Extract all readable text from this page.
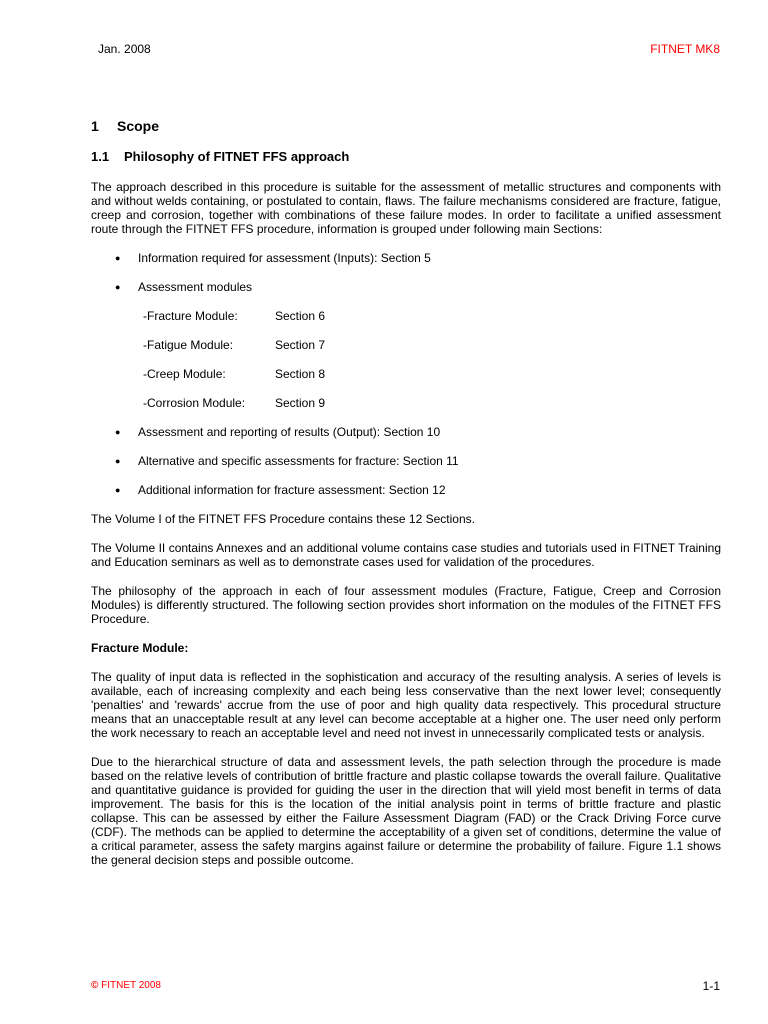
Jan. 2008	FITNET MK8
1 Scope
1.1 Philosophy of FITNET FFS approach

The approach described in this procedure is suitable for the assessment of metallic structures and components with and without welds containing, or postulated to contain, flaws. The failure mechanisms considered are fracture, fatigue, creep and corrosion, together with combinations of these failure modes. In order to facilitate a unified assessment route through the FITNET FFS procedure, information is grouped under following main Sections:

● Information required for assessment (Inputs): Section 5
● Assessment modules
-Fracture Module:	Section 6
-Fatigue Module:	Section 7
-Creep Module:	Section 8
-Corrosion Module: Section 9
● Assessment and reporting of results (Output): Section 10
● Alternative and specific assessments for fracture: Section 11
● Additional information for fracture assessment: Section 12

The Volume I of the FITNET FFS Procedure contains these 12 Sections.

The Volume II contains Annexes and an additional volume contains case studies and tutorials used in FITNET Training and Education seminars as well as to demonstrate cases used for validation of the procedures.

The philosophy of the approach in each of four assessment modules (Fracture, Fatigue, Creep and Corrosion Modules) is differently structured. The following section provides short information on the modules of the FITNET FFS Procedure.

Fracture Module:

The quality of input data is reflected in the sophistication and accuracy of the resulting analysis. A series of levels is available, each of increasing complexity and each being less conservative than the next lower level; consequently 'penalties' and 'rewards' accrue from the use of poor and high quality data respectively. This procedural structure means that an unacceptable result at any level can become acceptable at a higher one. The user need only perform the work necessary to reach an acceptable level and need not invest in unnecessarily complicated tests or analysis.

Due to the hierarchical structure of data and assessment levels, the path selection through the procedure is made based on the relative levels of contribution of brittle fracture and plastic collapse towards the overall failure. Qualitative and quantitative guidance is provided for guiding the user in the direction that will yield most benefit in terms of data improvement. The basis for this is the location of the initial analysis point in terms of brittle fracture and plastic collapse. This can be assessed by either the Failure Assessment Diagram (FAD) or the Crack Driving Force curve (CDF). The methods can be applied to determine the acceptability of a given set of conditions, determine the value of a critical parameter, assess the safety margins against failure or determine the probability of failure. Figure 1.1 shows the general decision steps and possible outcome.

© FITNET 2008	1-1
